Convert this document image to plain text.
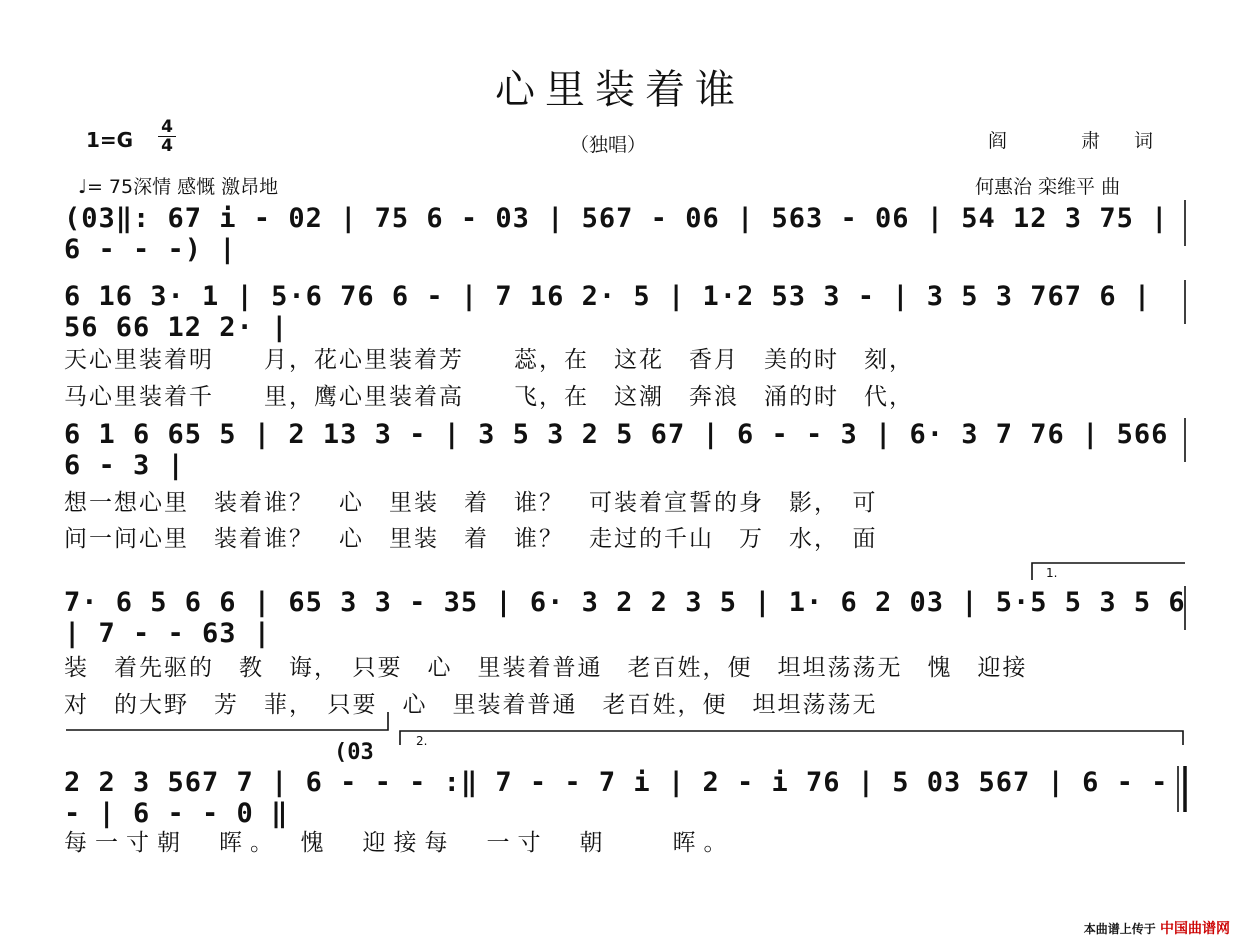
心里装着谁
$1=G \frac{4}{4}$	（独唱）	阎 肃词
♩= 75深情 感慨 激昂地	何惠治 栾维平 曲
(03‖: 67 i - 02 | 75 6 - 03 | 567 - 06 | 563 - 06 | 54 12 3 75 | 6 - - -) |
6 16 3· 1 | 5·6 76 6 - | 7 16 2· 5 | 1·2 53 3 - | 3 5 3 767 6 | 56 66 12 2· |
天心里装着明　　月，花心里装着芳　　蕊，在　这花　香月　美的时　刻，
马心里装着千　　里，鹰心里装着高　　飞，在　这潮　奔浪　涌的时　代，
6 1 6 65 5 | 2 13 3 - | 3 5 3 2 5 67 | 6 - - 3 | 6· 3 7 76 | 566 6 - 3 |
想一想心里　装着谁？　心　里装　着　谁？　可装着宣誓的身　影，　可
问一问心里　装着谁？　心　里装　着　谁？　走过的千山　万　水，　面
1.
7· 6 5 6 6 | 65 3 3 - 35 | 6· 3 2 2 3 5 | 1· 6 2 03 | 5·5 5 3 5 6 | 7 - - 63 |
装　着先驱的　教　诲，　只要　心　里装着普通　老百姓，便　坦坦荡荡无　愧　迎接
对　的大野　芳　菲，　只要　心　里装着普通　老百姓，便　坦坦荡荡无
(03	2.
2 2 3 567 7 | 6 - - - :‖ 7 - - 7 i | 2 - i 76 | 5 03 567 | 6 - - - | 6 - - 0 ‖
每一寸朝　晖。　愧　迎接每　一寸　朝　　晖。
本曲谱上传于 中国曲谱网
